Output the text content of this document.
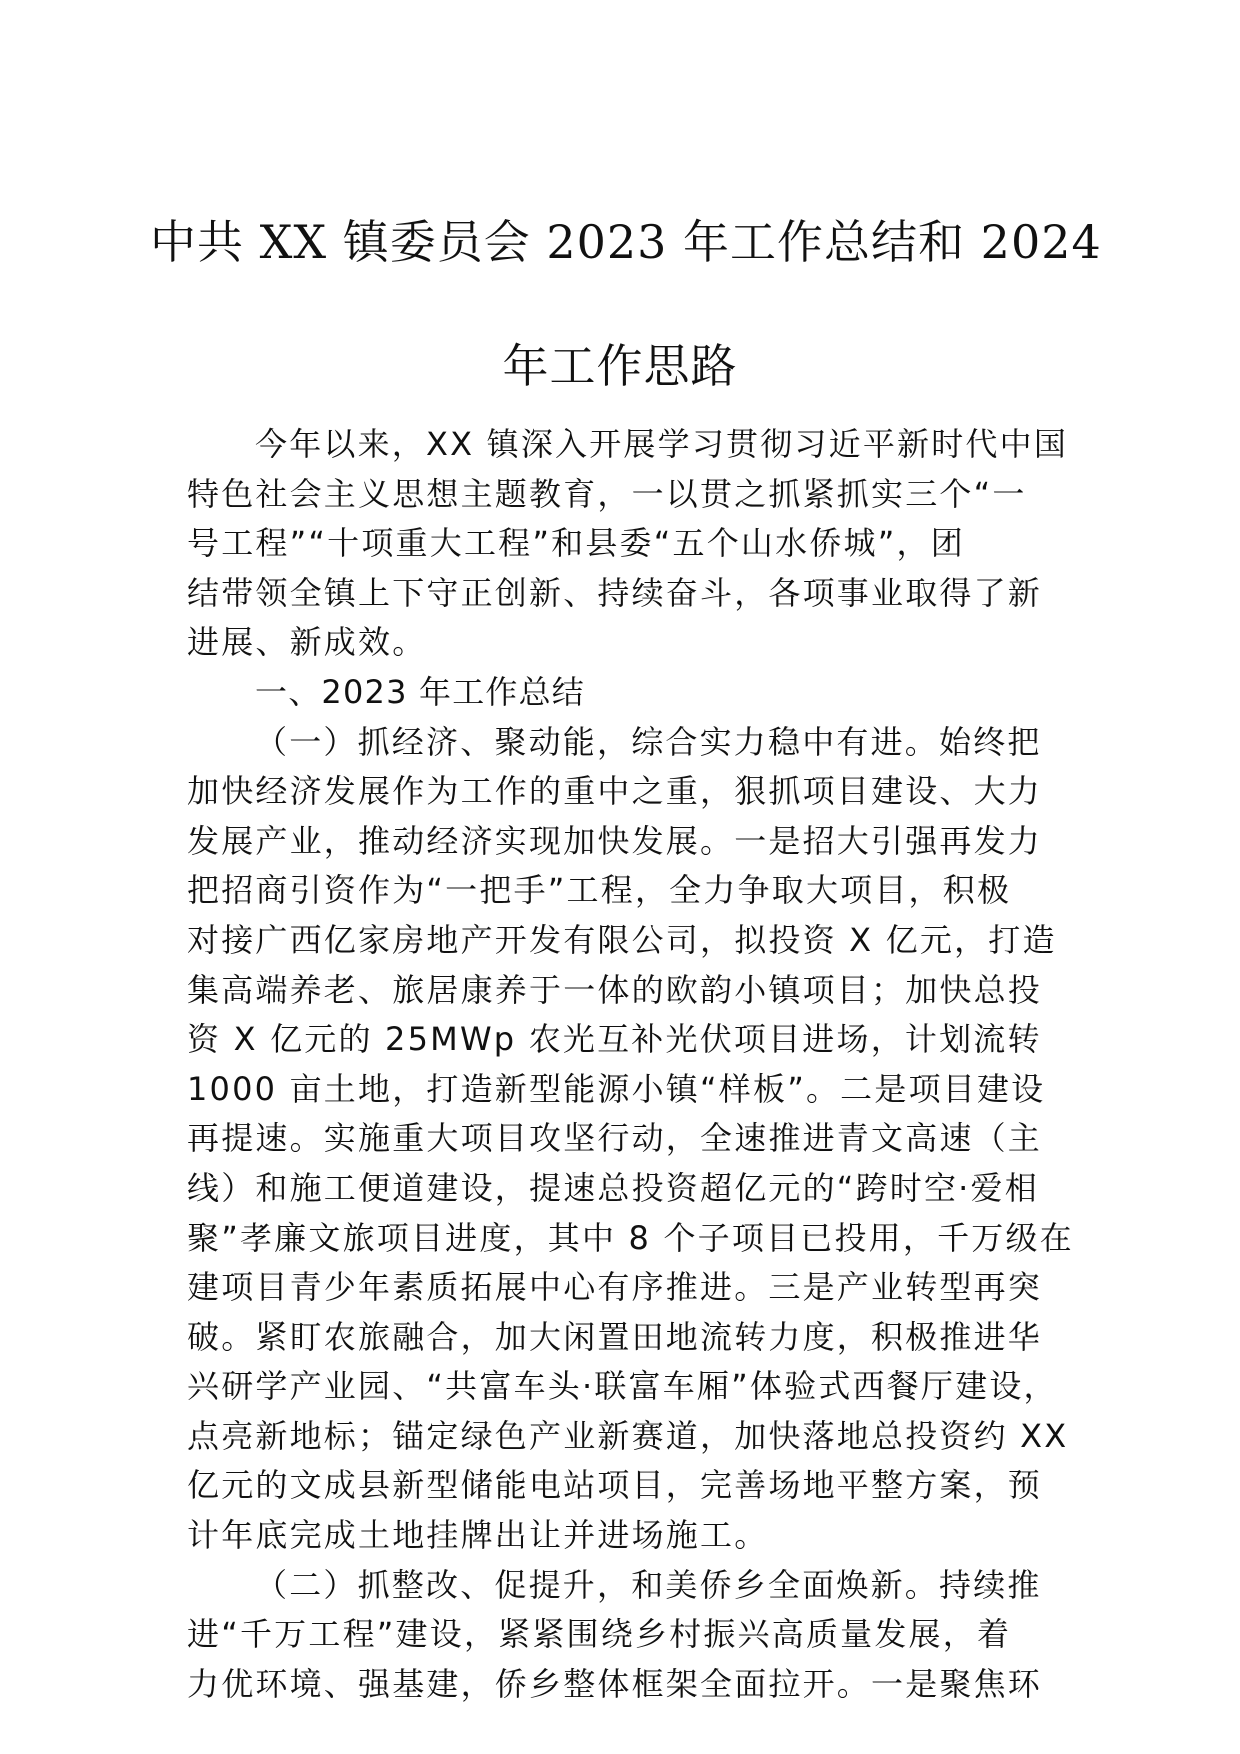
中共 XX 镇委员会 2023 年工作总结和 2024
年工作思路
今年以来，XX 镇深入开展学习贯彻习近平新时代中国
特色社会主义思想主题教育，一以贯之抓紧抓实三个“一
号工程”“十项重大工程”和县委“五个山水侨城”，团
结带领全镇上下守正创新、持续奋斗，各项事业取得了新
进展、新成效。
一、2023 年工作总结
（一）抓经济、聚动能，综合实力稳中有进。始终把
加快经济发展作为工作的重中之重，狠抓项目建设、大力
发展产业，推动经济实现加快发展。一是招大引强再发力
把招商引资作为“一把手”工程，全力争取大项目，积极
对接广西亿家房地产开发有限公司，拟投资 X 亿元，打造
集高端养老、旅居康养于一体的欧韵小镇项目；加快总投
资 X 亿元的 25MWp 农光互补光伏项目进场，计划流转
1000 亩土地，打造新型能源小镇“样板”。二是项目建设
再提速。实施重大项目攻坚行动，全速推进青文高速（主
线）和施工便道建设，提速总投资超亿元的“跨时空·爱相
聚”孝廉文旅项目进度，其中 8 个子项目已投用，千万级在
建项目青少年素质拓展中心有序推进。三是产业转型再突
破。紧盯农旅融合，加大闲置田地流转力度，积极推进华
兴研学产业园、“共富车头·联富车厢”体验式西餐厅建设，
点亮新地标；锚定绿色产业新赛道，加快落地总投资约 XX
亿元的文成县新型储能电站项目，完善场地平整方案，预
计年底完成土地挂牌出让并进场施工。
（二）抓整改、促提升，和美侨乡全面焕新。持续推
进“千万工程”建设，紧紧围绕乡村振兴高质量发展，着
力优环境、强基建，侨乡整体框架全面拉开。一是聚焦环
